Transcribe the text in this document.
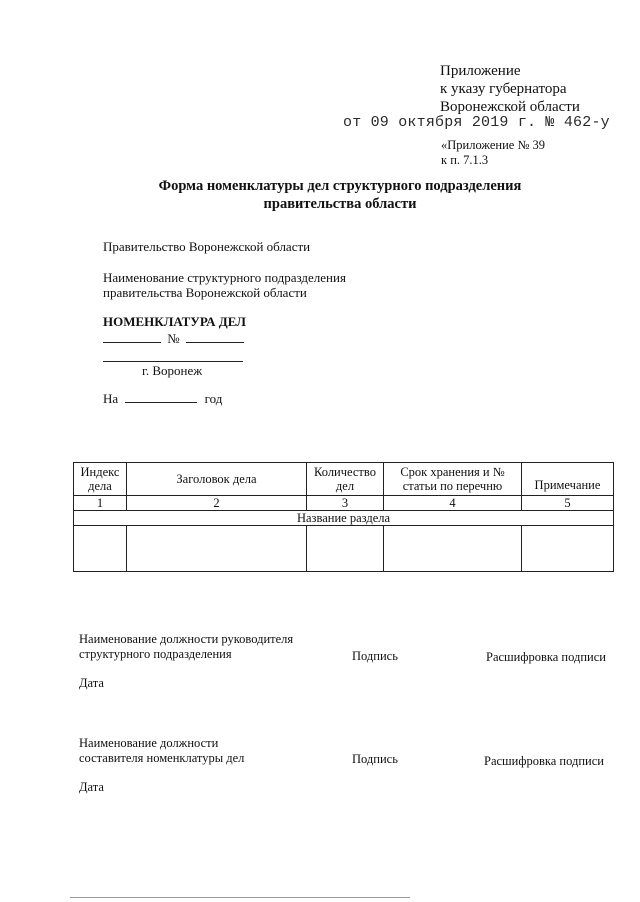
Приложение
к указу губернатора
Воронежской области
от 09 октября 2019 г. № 462-у
«Приложение № 39
к п. 7.1.3
Форма номенклатуры дел структурного подразделения
правительства области
Правительство Воронежской области
Наименование структурного подразделения
правительства Воронежской области
НОМЕНКЛАТУРА ДЕЛ
№
г. Воронеж
На	год
Индекс дела	Заголовок дела	Количество дел	Срок хранения и № статьи по перечню	Примечание
1	2	3	4	5
Название раздела				

Наименование должности руководителя
структурного подразделения	Подпись	Расшифровка подписи
Дата
Наименование должности
составителя номенклатуры дел	Подпись	Расшифровка подписи
Дата
